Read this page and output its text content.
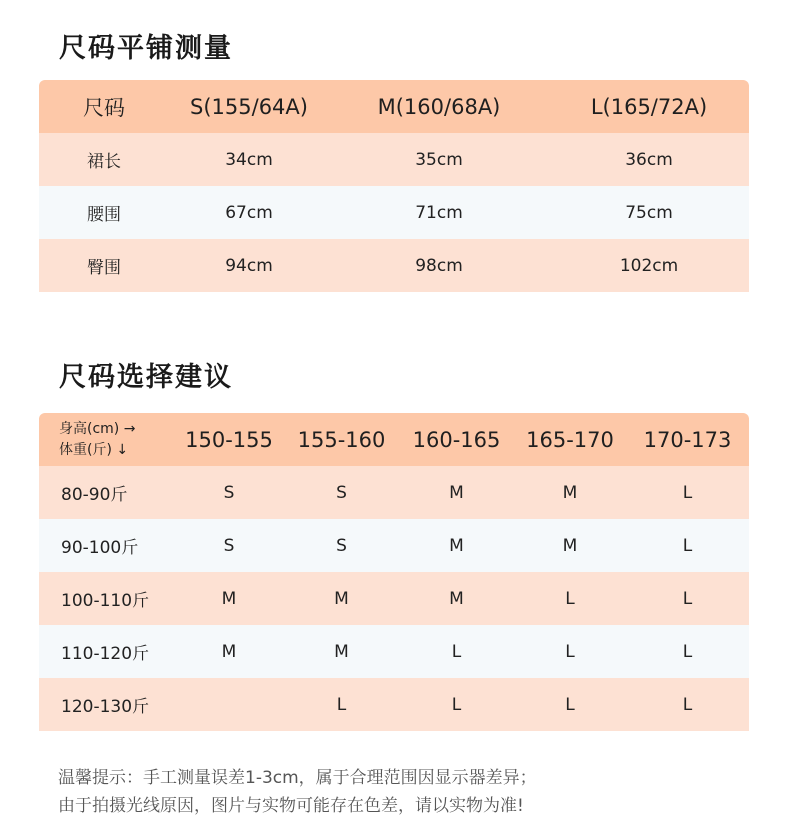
尺码平铺测量
尺码	S(155/64A)	M(160/68A)	L(165/72A)
裙长	34cm	35cm	36cm
腰围	67cm	71cm	75cm
臀围	94cm	98cm	102cm
尺码选择建议
身高(cm) →
体重(斤) ↓	150-155	155-160	160-165	165-170	170-173
80-90斤	S	S	M	M	L
90-100斤	S	S	M	M	L
100-110斤	M	M	M	L	L
110-120斤	M	M	L	L	L
120-130斤		L	L	L	L
温馨提示：手工测量误差1-3cm，属于合理范围因显示器差异；
由于拍摄光线原因，图片与实物可能存在色差，请以实物为准!
